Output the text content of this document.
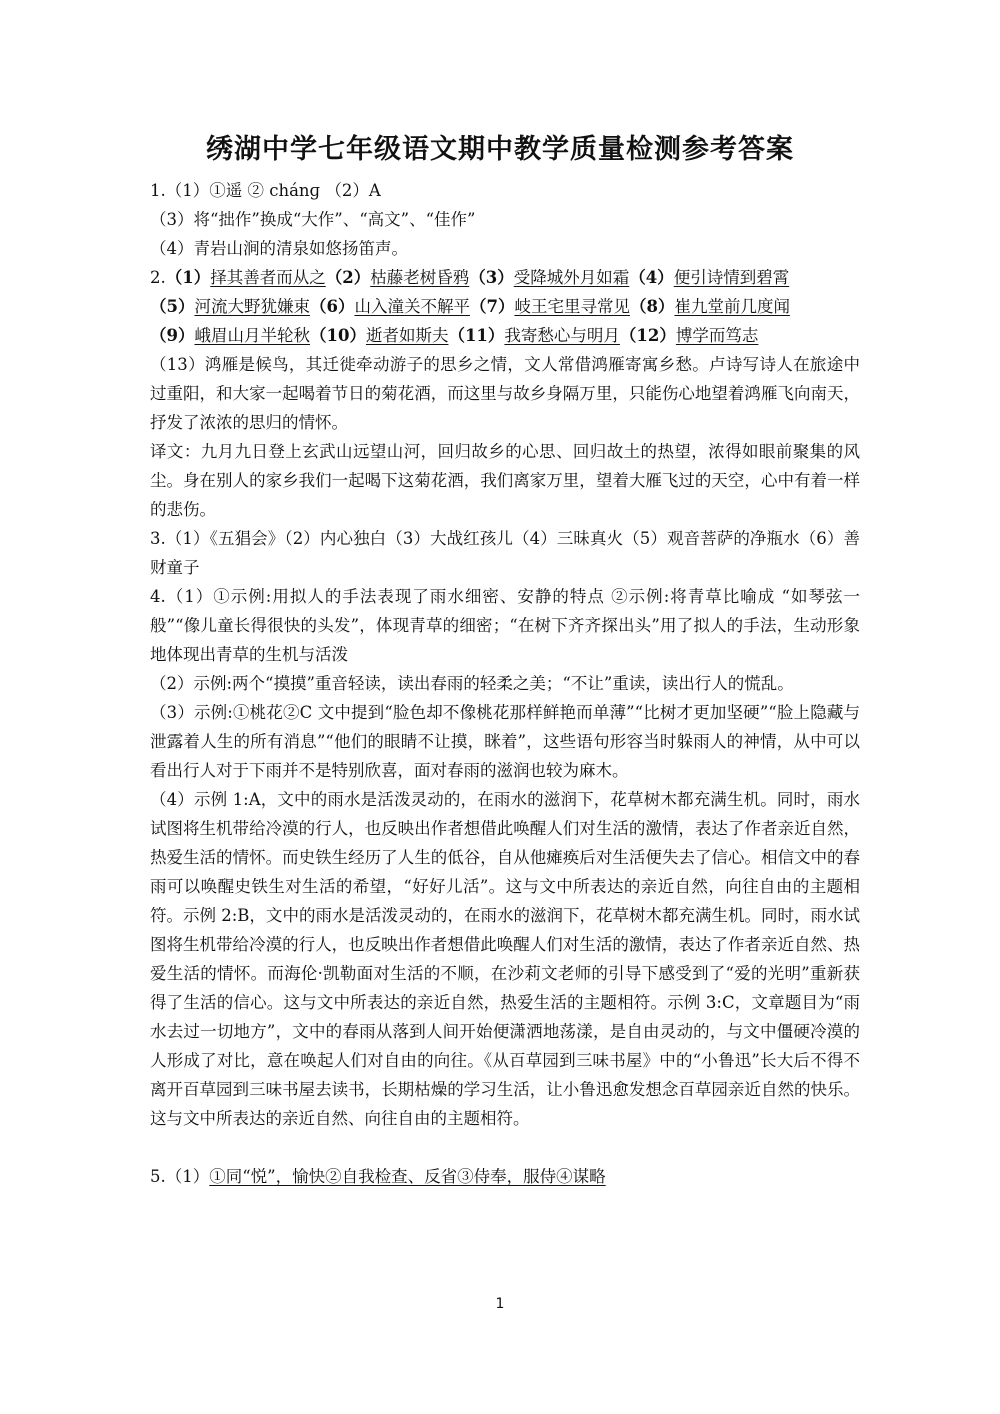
绣湖中学七年级语文期中教学质量检测参考答案
1.（1）①遥 ② chánɡ （2）A
（3）将“拙作”换成“大作”、“高文”、“佳作”
（4）青岩山涧的清泉如悠扬笛声。
2.（1）择其善者而从之（2）枯藤老树昏鸦（3）受降城外月如霜（4）便引诗情到碧霄
（5）河流大野犹嫌束（6）山入潼关不解平（7）岐王宅里寻常见（8）崔九堂前几度闻
（9）峨眉山月半轮秋（10）逝者如斯夫（11）我寄愁心与明月（12）博学而笃志
（13）鸿雁是候鸟，其迁徙牵动游子的思乡之情，文人常借鸿雁寄寓乡愁。卢诗写诗人在旅途中过重阳，和大家一起喝着节日的菊花酒，而这里与故乡身隔万里，只能伤心地望着鸿雁飞向南天，抒发了浓浓的思归的情怀。
译文：九月九日登上玄武山远望山河，回归故乡的心思、回归故土的热望，浓得如眼前聚集的风尘。身在别人的家乡我们一起喝下这菊花酒，我们离家万里，望着大雁飞过的天空，心中有着一样的悲伤。
3.（1）《五猖会》（2）内心独白（3）大战红孩儿（4）三昧真火（5）观音菩萨的净瓶水（6）善财童子
4.（1）①示例:用拟人的手法表现了雨水细密、安静的特点 ②示例:将青草比喻成 “如琴弦一般”“像儿童长得很快的头发”，体现青草的细密；“在树下齐齐探出头”用了拟人的手法，生动形象地体现出青草的生机与活泼
（2）示例:两个“摸摸”重音轻读，读出春雨的轻柔之美；“不让”重读，读出行人的慌乱。
（3）示例:①桃花②C 文中提到“脸色却不像桃花那样鲜艳而单薄”“比树才更加坚硬”“脸上隐藏与泄露着人生的所有消息”“他们的眼睛不让摸，眯着”，这些语句形容当时躲雨人的神情，从中可以看出行人对于下雨并不是特别欣喜，面对春雨的滋润也较为麻木。
（4）示例 1:A，文中的雨水是活泼灵动的，在雨水的滋润下，花草树木都充满生机。同时，雨水试图将生机带给冷漠的行人，也反映出作者想借此唤醒人们对生活的激情，表达了作者亲近自然，热爱生活的情怀。而史铁生经历了人生的低谷，自从他瘫痪后对生活便失去了信心。相信文中的春雨可以唤醒史铁生对生活的希望，“好好儿活”。这与文中所表达的亲近自然，向往自由的主题相符。示例 2:B，文中的雨水是活泼灵动的，在雨水的滋润下，花草树木都充满生机。同时，雨水试图将生机带给冷漠的行人，也反映出作者想借此唤醒人们对生活的激情，表达了作者亲近自然、热爱生活的情怀。而海伦·凯勒面对生活的不顺，在沙莉文老师的引导下感受到了“爱的光明”重新获得了生活的信心。这与文中所表达的亲近自然，热爱生活的主题相符。示例 3:C，文章题目为“雨水去过一切地方”，文中的春雨从落到人间开始便潇洒地荡漾，是自由灵动的，与文中僵硬冷漠的人形成了对比，意在唤起人们对自由的向往。《从百草园到三味书屋》中的“小鲁迅”长大后不得不离开百草园到三味书屋去读书，长期枯燥的学习生活，让小鲁迅愈发想念百草园亲近自然的快乐。这与文中所表达的亲近自然、向往自由的主题相符。
5.（1）①同“悦”，愉快②自我检查、反省③侍奉，服侍④谋略
1
